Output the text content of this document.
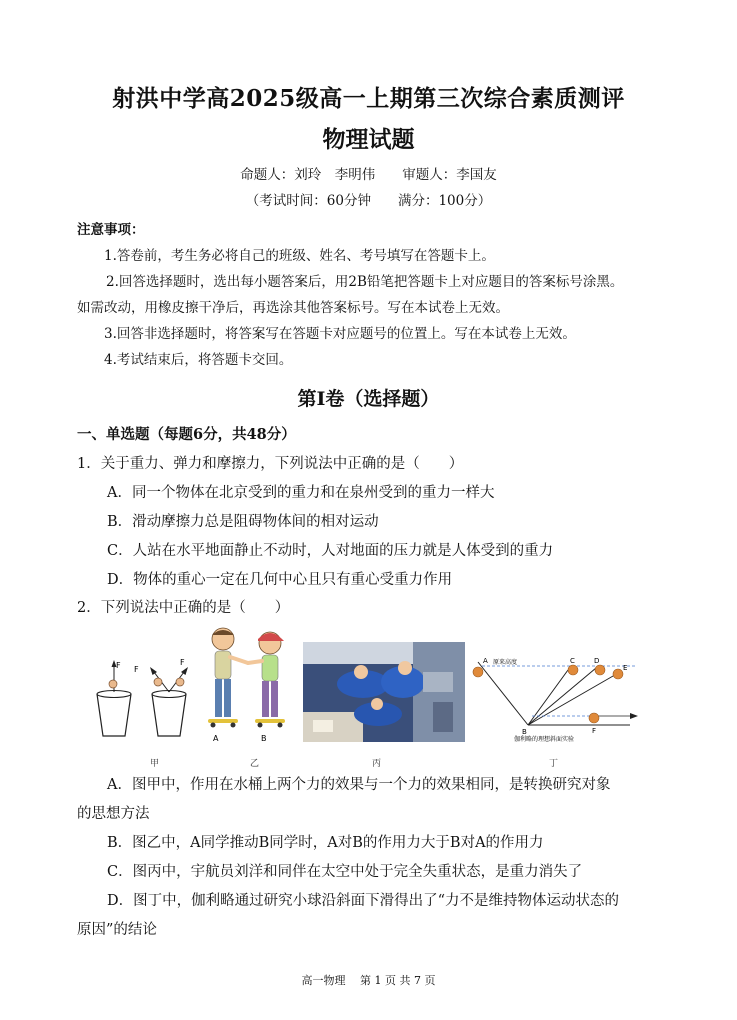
射洪中学高2025级高一上期第三次综合素质测评
物理试题
命题人：刘玲　李明伟　　审题人：李国友
（考试时间：60分钟　　满分：100分）
注意事项：
1.答卷前，考生务必将自己的班级、姓名、考号填写在答题卡上。
2.回答选择题时，选出每小题答案后，用2B铅笔把答题卡上对应题目的答案标号涂黑。
如需改动，用橡皮擦干净后，再选涂其他答案标号。写在本试卷上无效。
3.回答非选择题时，将答案写在答题卡对应题号的位置上。写在本试卷上无效。
4.考试结束后，将答题卡交回。
第Ⅰ卷（选择题）
一、单选题（每题6分，共48分）
1．关于重力、弹力和摩擦力，下列说法中正确的是（　　）
A．同一个物体在北京受到的重力和在泉州受到的重力一样大
B．滑动摩擦力总是阻碍物体间的相对运动
C．人站在水平地面静止不动时，人对地面的压力就是人体受到的重力
D．物体的重心一定在几何中心且只有重心受重力作用
2．下列说法中正确的是（　　）
F F
F
A	B
A 原来高度
B
C	D
E
F
伽利略的理想斜面实验
甲	乙	丙	丁
A．图甲中，作用在水桶上两个力的效果与一个力的效果相同，是转换研究对象
的思想方法
B．图乙中，A同学推动B同学时，A对B的作用力大于B对A的作用力
C．图丙中，宇航员刘洋和同伴在太空中处于完全失重状态，是重力消失了
D．图丁中，伽利略通过研究小球沿斜面下滑得出了“力不是维持物体运动状态的
原因”的结论
高一物理　 第 1 页 共 7 页
